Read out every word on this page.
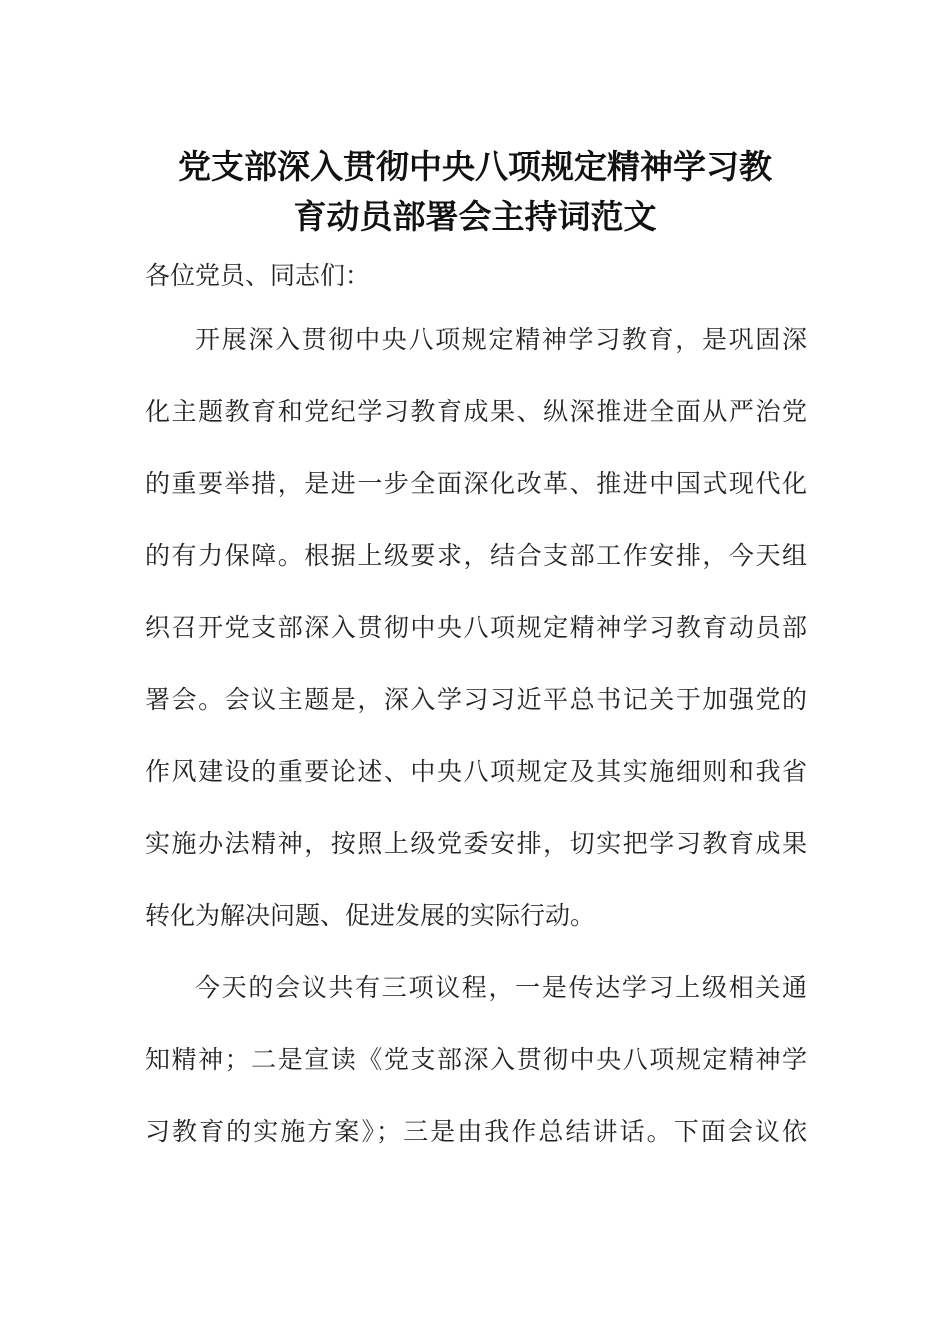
党支部深入贯彻中央八项规定精神学习教
育动员部署会主持词范文
各位党员、同志们：
开展深入贯彻中央八项规定精神学习教育，是巩固深
化主题教育和党纪学习教育成果、纵深推进全面从严治党
的重要举措，是进一步全面深化改革、推进中国式现代化
的有力保障。根据上级要求，结合支部工作安排，今天组
织召开党支部深入贯彻中央八项规定精神学习教育动员部
署会。会议主题是，深入学习习近平总书记关于加强党的
作风建设的重要论述、中央八项规定及其实施细则和我省
实施办法精神，按照上级党委安排，切实把学习教育成果
转化为解决问题、促进发展的实际行动。
今天的会议共有三项议程，一是传达学习上级相关通
知精神；二是宣读《党支部深入贯彻中央八项规定精神学
习教育的实施方案》；三是由我作总结讲话。下面会议依
